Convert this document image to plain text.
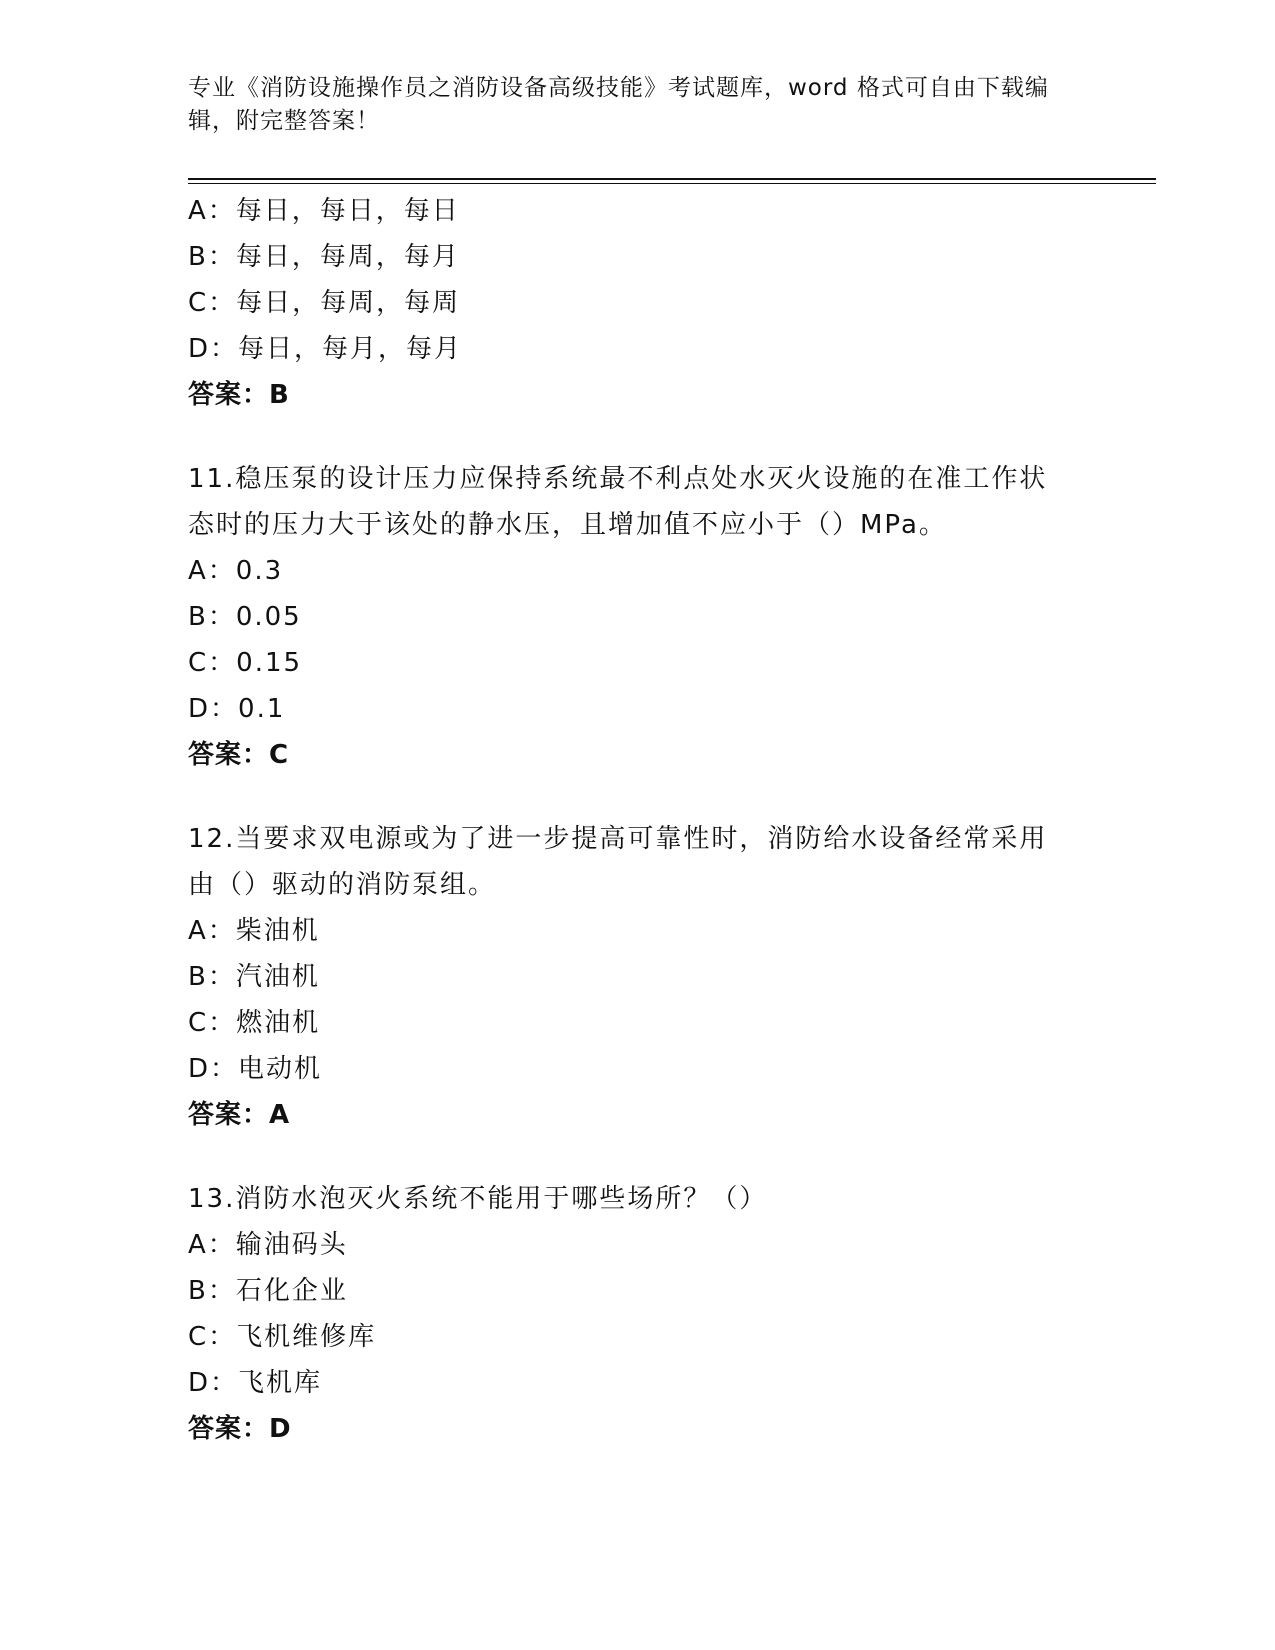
专业《消防设施操作员之消防设备高级技能》考试题库，word 格式可自由下载编
辑，附完整答案！
A：每日，每日，每日
B：每日，每周，每月
C：每日，每周，每周
D：每日，每月，每月
答案：B
11.稳压泵的设计压力应保持系统最不利点处水灭火设施的在准工作状
态时的压力大于该处的静水压，且增加值不应小于（）MPa。
A：0.3
B：0.05
C：0.15
D：0.1
答案：C
12.当要求双电源或为了进一步提高可靠性时，消防给水设备经常采用
由（）驱动的消防泵组。
A：柴油机
B：汽油机
C：燃油机
D：电动机
答案：A
13.消防水泡灭火系统不能用于哪些场所？（）
A：输油码头
B：石化企业
C：飞机维修库
D：飞机库
答案：D
